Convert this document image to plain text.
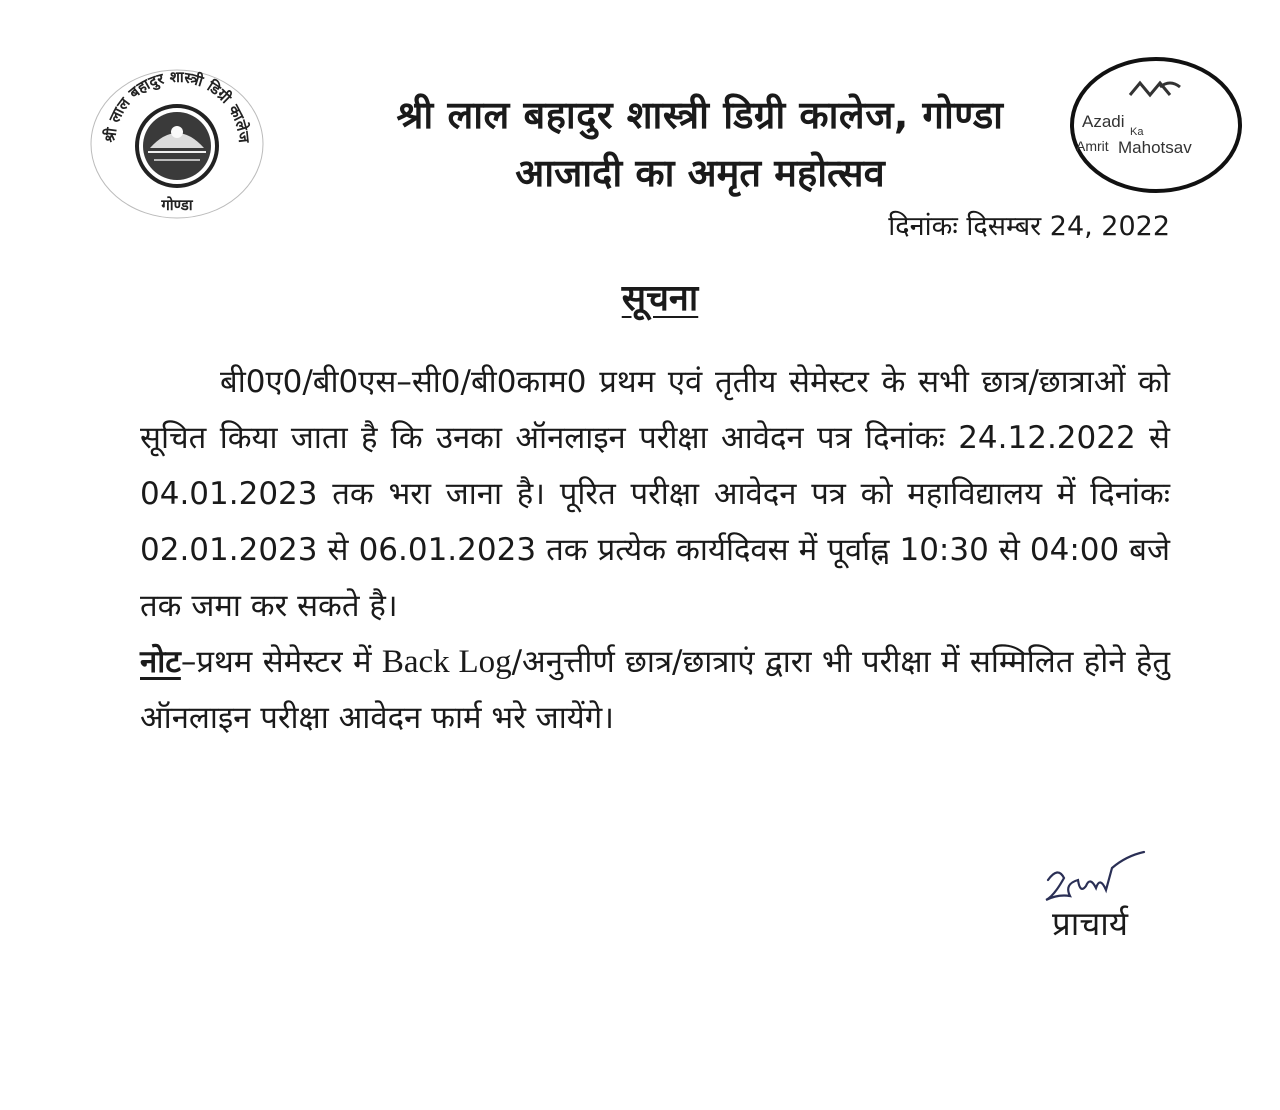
श्री लाल बहादुर शास्त्री डिग्री कालेज
गोण्डा
Azadi
Ka
Amrit Mahotsav
श्री लाल बहादुर शास्त्री डिग्री कालेज, गोण्डा
आजादी का अमृत महोत्सव
दिनांकः दिसम्बर 24, 2022
सूचना

बी0ए0/बी0एस–सी0/बी0काम0 प्रथम एवं तृतीय सेमेस्टर के सभी छात्र/छात्राओं को सूचित किया जाता है कि उनका ऑनलाइन परीक्षा आवेदन पत्र दिनांकः 24.12.2022 से 04.01.2023 तक भरा जाना है। पूरित परीक्षा आवेदन पत्र को महाविद्यालय में दिनांकः 02.01.2023 से 06.01.2023 तक प्रत्येक कार्यदिवस में पूर्वाह्न 10:30 से 04:00 बजे तक जमा कर सकते है।

नोट–प्रथम सेमेस्टर में Back Log/अनुत्तीर्ण छात्र/छात्राएं द्वारा भी परीक्षा में सम्मिलित होने हेतु ऑनलाइन परीक्षा आवेदन फार्म भरे जायेंगे।

प्राचार्य
